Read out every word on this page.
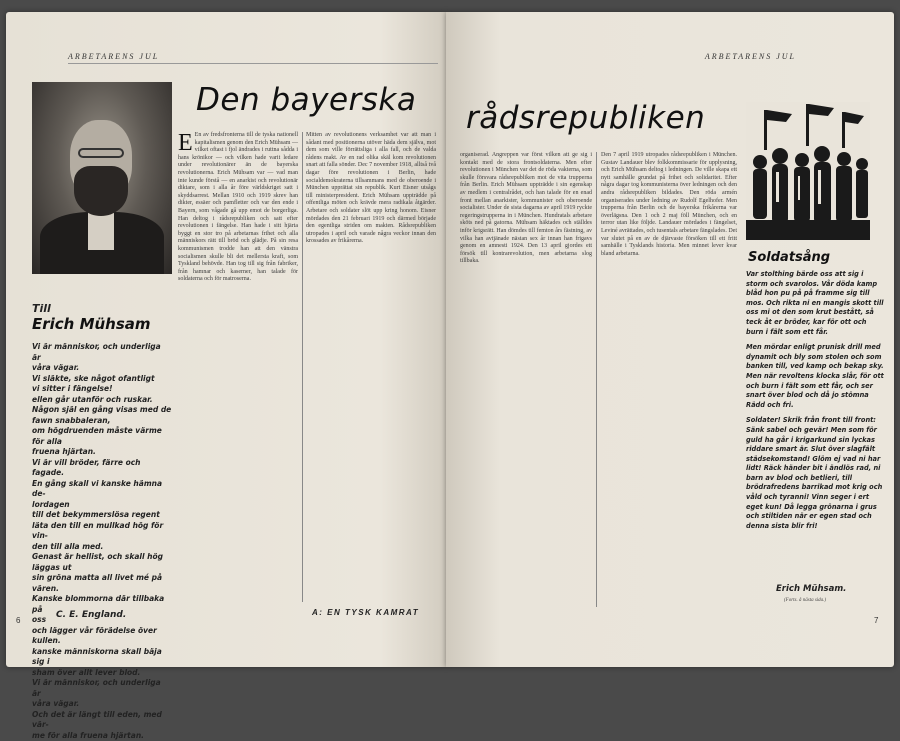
ARBETARENS JUL
Den bayerska
Till
Erich Mühsam
Vi är människor, och underliga är
våra vägar.
Vi släkte, ske något ofantligt
vi sitter i fängelse!
ellen går utanför och ruskar.
Någon själ en gång visas med de
fawn snabbaleran,
om högdruenden måste värme för alla
fruena hjärtan.
Vi är vill bröder, färre och fagade.
En gång skall vi kanske hämna de-
lordagen
till det bekymmerslösa regent
läta den till en mullkad hög för vin-
den till alla med.
Genast är hellist, och skall hög
läggas ut
sin gröna matta all livet mé på
vären.
Kanske blommorna där tillbaka på
oss
och lägger vår förädelse över kullen.
kanske människorna skall bäja sig i
sham över allt lever blod.
Vi är människor, och underliga är
våra vägar.
Och det är längt till eden, med vär-
me för alla fruena hjärtan.
C. E. England.
E En av fredsfronterna till de tyska nationell kapitalismen genom den Erich Mühsam — vilket oftast i fjol ändrades i ruttna sådda i hans krönikor — och vilken hade varit ledare under revolutionärer än de bayerska revolutionerna. Erich Mühsam var — vad man inte kunde förstå — en anarkist och revolutionär diktare, som i alla år före världskriget satt i skyddsarrest. Mellan 1910 och 1919 skrev han dikter, essäer och pamfletter och var den ende i Bayern, som vågade gå upp emot de borgerliga. Han deltog i rådsrepubliken och satt efter revolutionen i fängelse. Han hade i sitt hjärta byggt en stor tro på arbetarnas frihet och alla människors rätt till bröd och glädje. På sin resa kommunismen trodde han att den vänstra socialismen skulle bli det mellersta kraft, som Tyskland behövde. Han tog till sig från fabriker, från hamnar och kaserner, han talade för soldaterna och för matroserna.
Mitten av revolutionens verksamhet var att man i sådant med positionerna utöver häda dem själva, mot dem som ville förrättsliga i alla fall, och de valda rådens makt. Av en rad olika skäl kom revolutionen snart att falla sönder. Dec 7 november 1918, alltså två dagar före revolutionen i Berlin, hade socialdemokraterna tillsammans med de oberoende i München upprättat sin republik. Kurt Eisner utsågs till ministerpresident. Erich Mühsam uppträdde på offentliga möten och krävde mera radikala åtgärder. Arbetare och soldater slöt upp kring honom. Eisner mördades den 21 februari 1919 och därmed började den egentliga striden om makten. Rådsrepubliken utropades i april och varade några veckor innan den krossades av frikårerna.
A: EN TYSK KAMRAT
6
ARBETARENS JUL
rådsrepubliken
organiserad. Angreppen var först vilken att ge sig i kontakt med de stora frontsoldaterna. Men efter revolutionen i München var det de röda vakterna, som skulle försvara rådsrepubliken mot de vita trupperna från Berlin. Erich Mühsam uppträdde i sin egenskap av medlem i centralrådet, och han talade för en enad front mellan anarkister, kommunister och oberoende socialister. Under de sista dagarna av april 1919 ryckte regeringstrupperna in i München. Hundratals arbetare sköts ned på gatorna. Mühsam häktades och ställdes inför krigsrätt. Han dömdes till femton års fästning, av vilka han avtjänade nästan sex år innan han frigavs genom en amnesti 1924. Den 13 april gjordes ett försök till kontrarevolution, men arbetarna slog tillbaka.
Den 7 april 1919 utropades rådsrepubliken i München. Gustav Landauer blev folkkommissarie för upplysning, och Erich Mühsam deltog i ledningen. De ville skapa ett nytt samhälle grundat på frihet och solidaritet. Efter några dagar tog kommunisterna över ledningen och den andra rådsrepubliken bildades. Den röda armén organiserades under ledning av Rudolf Egelhofer. Men trupperna från Berlin och de bayerska frikårerna var överlägsna. Den 1 och 2 maj föll München, och en terror utan like följde. Landauer mördades i fängelset, Leviné avrättades, och tusentals arbetare fängslades. Det var slutet på en av de djärvaste försöken till ett fritt samhälle i Tysklands historia. Men minnet lever kvar bland arbetarna.	Soldatsång
Var stolthing bärde oss att sig i storm och svarolos. Vår döda kamp blåd hon pu på på framme sig till mos. Och rikta ni en mangis skott till oss mi ot den som krut bestått, så teck åt er bröder, kar för ott och burn i fält som ett får.
Men mördar enligt prunisk drill med dynamit och bly som stolen och som banken till, ved kamp och bekap sky. Men när revoltens klocka slår, för ott och burn i fält som ett får, och ser snart över blod och då jo stömna Rädd och fri.
Soldater! Skrik från front till front: Sänk sabel och gevär! Men som för guld ha går i krigarkund sin lyckas riddare smart är. Slut över slagfält städsekomstand! Glöm ej vad ni har lidt! Räck händer bit i ändlös rad, ni barn av blod och betlieri, till brödrafredens barrikad mot krig och våld och tyranni! Vinn seger i ert eget kun! Då legga grönarna i grus och stiltiden när er egen stad och denna sista blir fri!
Erich Mühsam.
(Forts. å nästa sida.)
7
